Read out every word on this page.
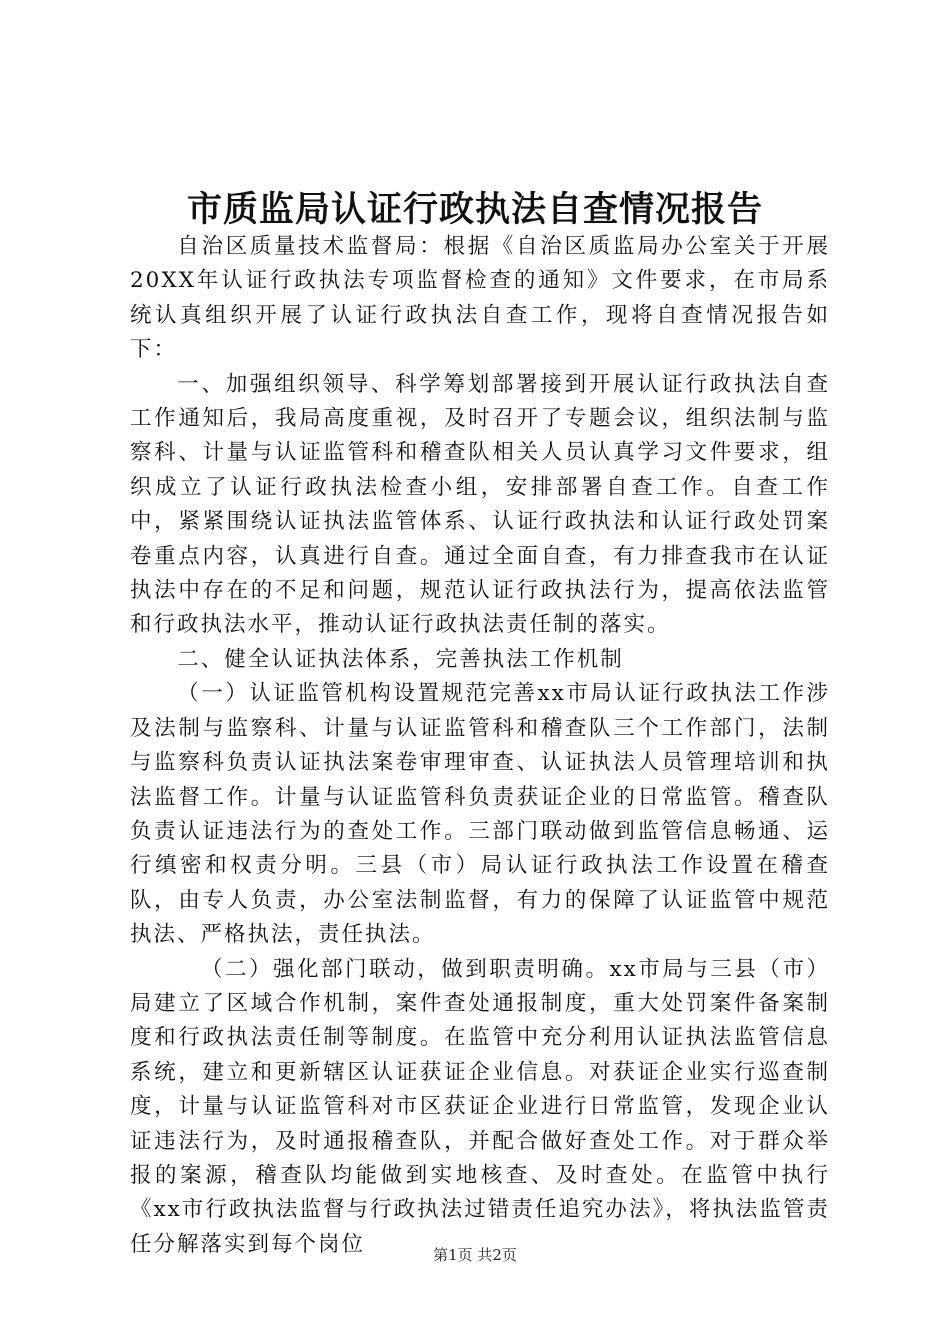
市质监局认证行政执法自查情况报告

自治区质量技术监督局：根据《自治区质监局办公室关于开展20XX年认证行政执法专项监督检查的通知》文件要求，在市局系统认真组织开展了认证行政执法自查工作，现将自查情况报告如下：

一、加强组织领导、科学筹划部署接到开展认证行政执法自查工作通知后，我局高度重视，及时召开了专题会议，组织法制与监察科、计量与认证监管科和稽查队相关人员认真学习文件要求，组织成立了认证行政执法检查小组，安排部署自查工作。自查工作中，紧紧围绕认证执法监管体系、认证行政执法和认证行政处罚案卷重点内容，认真进行自查。通过全面自查，有力排查我市在认证执法中存在的不足和问题，规范认证行政执法行为，提高依法监管和行政执法水平，推动认证行政执法责任制的落实。

二、健全认证执法体系，完善执法工作机制

（一）认证监管机构设置规范完善xx市局认证行政执法工作涉及法制与监察科、计量与认证监管科和稽查队三个工作部门，法制与监察科负责认证执法案卷审理审查、认证执法人员管理培训和执法监督工作。计量与认证监管科负责获证企业的日常监管。稽查队负责认证违法行为的查处工作。三部门联动做到监管信息畅通、运行缜密和权责分明。三县（市）局认证行政执法工作设置在稽查队，由专人负责，办公室法制监督，有力的保障了认证监管中规范执法、严格执法，责任执法。

（二）强化部门联动，做到职责明确。xx市局与三县（市）局建立了区域合作机制，案件查处通报制度，重大处罚案件备案制度和行政执法责任制等制度。在监管中充分利用认证执法监管信息系统，建立和更新辖区认证获证企业信息。对获证企业实行巡查制度，计量与认证监管科对市区获证企业进行日常监管，发现企业认证违法行为，及时通报稽查队，并配合做好查处工作。对于群众举报的案源，稽查队均能做到实地核查、及时查处。在监管中执行《xx市行政执法监督与行政执法过错责任追究办法》，将执法监管责任分解落实到每个岗位	第1页 共2页
